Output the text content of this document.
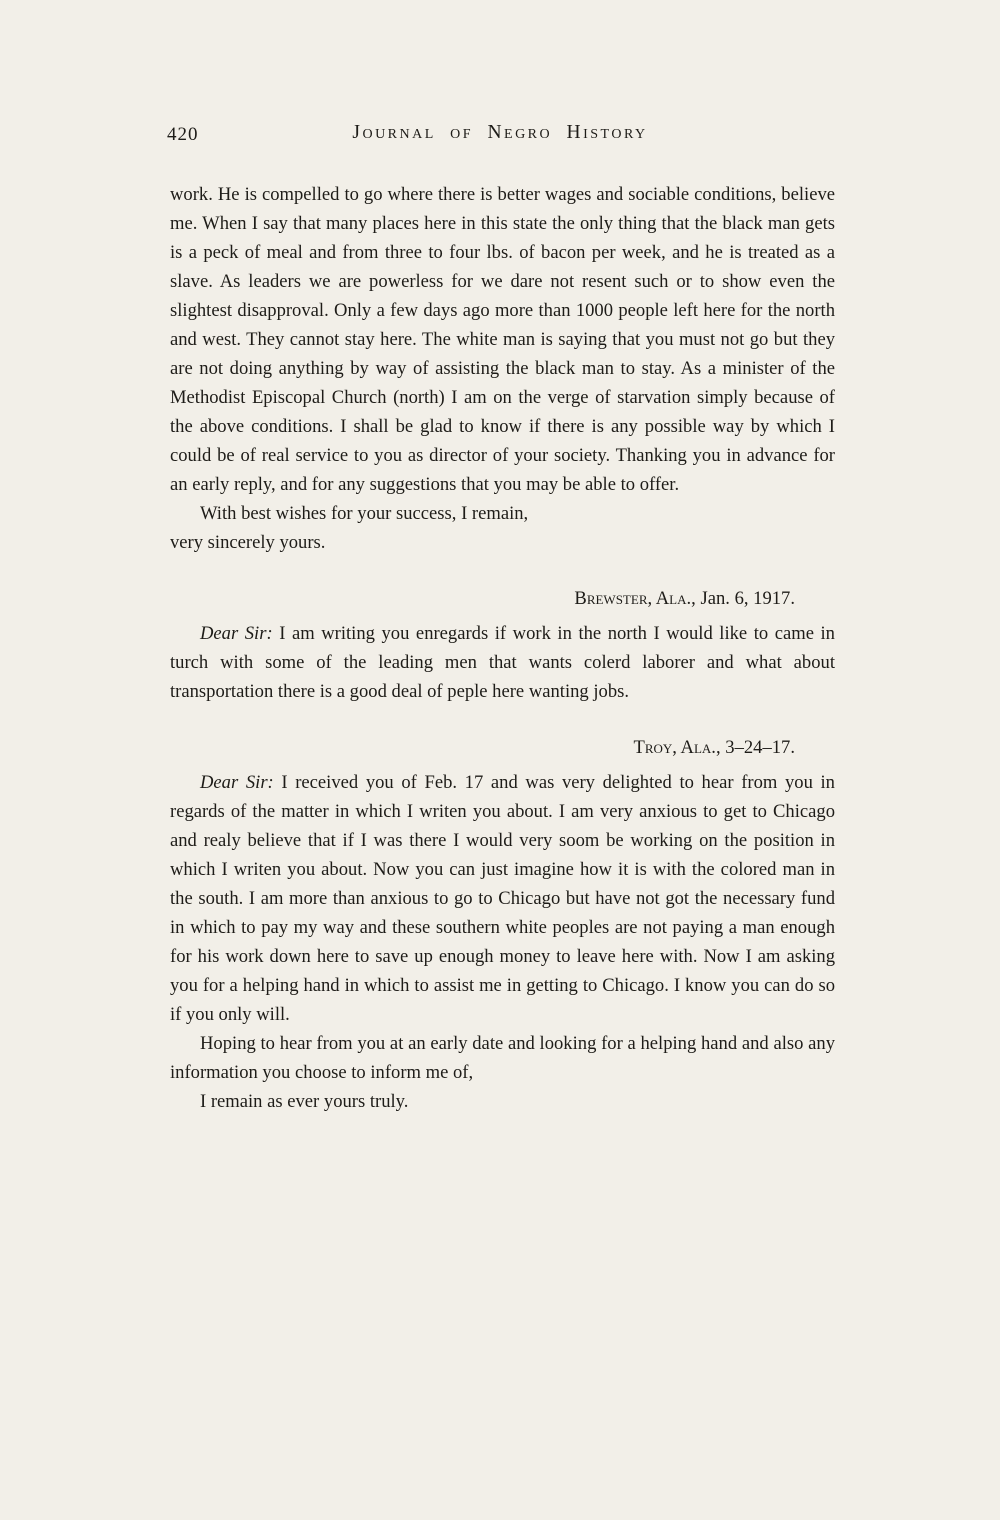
420	Journal of Negro History

work. He is compelled to go where there is better wages and sociable conditions, believe me. When I say that many places here in this state the only thing that the black man gets is a peck of meal and from three to four lbs. of bacon per week, and he is treated as a slave. As leaders we are powerless for we dare not resent such or to show even the slightest disapproval. Only a few days ago more than 1000 people left here for the north and west. They cannot stay here. The white man is saying that you must not go but they are not doing anything by way of assisting the black man to stay. As a minister of the Methodist Episcopal Church (north) I am on the verge of starvation simply because of the above conditions. I shall be glad to know if there is any possible way by which I could be of real service to you as director of your society. Thanking you in advance for an early reply, and for any suggestions that you may be able to offer.

With best wishes for your success, I remain,

very sincerely yours.

Brewster, Ala., Jan. 6, 1917.

Dear Sir: I am writing you enregards if work in the north I would like to came in turch with some of the leading men that wants colerd laborer and what about transportation there is a good deal of peple here wanting jobs.

Troy, Ala., 3–24–17.

Dear Sir: I received you of Feb. 17 and was very delighted to hear from you in regards of the matter in which I writen you about. I am very anxious to get to Chicago and realy believe that if I was there I would very soom be working on the position in which I writen you about. Now you can just imagine how it is with the colored man in the south. I am more than anxious to go to Chicago but have not got the necessary fund in which to pay my way and these southern white peoples are not paying a man enough for his work down here to save up enough money to leave here with. Now I am asking you for a helping hand in which to assist me in getting to Chicago. I know you can do so if you only will.

Hoping to hear from you at an early date and looking for a helping hand and also any information you choose to inform me of,

I remain as ever yours truly.
